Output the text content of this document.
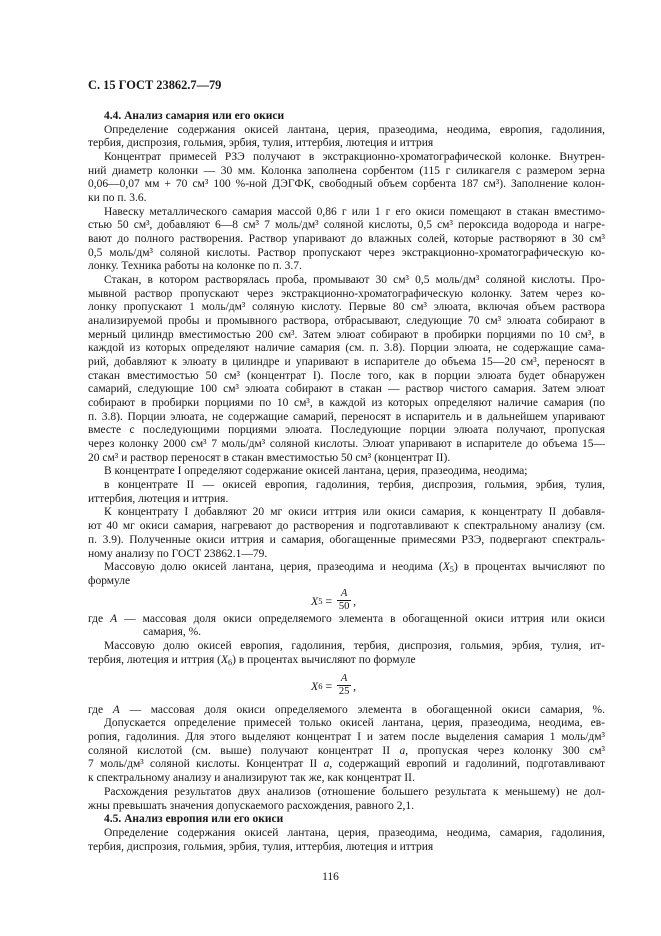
С. 15 ГОСТ 23862.7—79
4.4. Анализ самария или его окиси
Определение содержания окисей лантана, церия, празеодима, неодима, европия, гадолиния,
тербия, диспрозия, гольмия, эрбия, тулия, иттербия, лютеция и иттрия
Концентрат примесей РЗЭ получают в экстракционно-хроматографической колонке. Внутрен-
ний диаметр колонки — 30 мм. Колонка заполнена сорбентом (115 г силикагеля с размером зерна
0,06—0,07 мм + 70 см³ 100 %-ной ДЭГФК, свободный объем сорбента 187 см³). Заполнение колон-
ки по п. 3.6.
Навеску металлического самария массой 0,86 г или 1 г его окиси помещают в стакан вместимо-
стью 50 см³, добавляют 6—8 см³ 7 моль/дм³ соляной кислоты, 0,5 см³ пероксида водорода и нагре-
вают до полного растворения. Раствор упаривают до влажных солей, которые растворяют в 30 см³
0,5 моль/дм³ соляной кислоты. Раствор пропускают через экстракционно-хроматографическую ко-
лонку. Техника работы на колонке по п. 3.7.
Стакан, в котором растворялась проба, промывают 30 см³ 0,5 моль/дм³ соляной кислоты. Про-
мывной раствор пропускают через экстракционно-хроматографическую колонку. Затем через ко-
лонку пропускают 1 моль/дм³ соляную кислоту. Первые 80 см³ элюата, включая объем раствора
анализируемой пробы и промывного раствора, отбрасывают, следующие 70 см³ элюата собирают в
мерный цилиндр вместимостью 200 см³. Затем элюат собирают в пробирки порциями по 10 см³, в
каждой из которых определяют наличие самария (см. п. 3.8). Порции элюата, не содержащие сама-
рий, добавляют к элюату в цилиндре и упаривают в испарителе до объема 15—20 см³, переносят в
стакан вместимостью 50 см³ (концентрат I). После того, как в порции элюата будет обнаружен
самарий, следующие 100 см³ элюата собирают в стакан — раствор чистого самария. Затем элюат
собирают в пробирки порциями по 10 см³, в каждой из которых определяют наличие самария (по
п. 3.8). Порции элюата, не содержащие самарий, переносят в испаритель и в дальнейшем упаривают
вместе с последующими порциями элюата. Последующие порции элюата получают, пропуская
через колонку 2000 см³ 7 моль/дм³ соляной кислоты. Элюат упаривают в испарителе до объема 15—
20 см³ и раствор переносят в стакан вместимостью 50 см³ (концентрат II).
В концентрате I определяют содержание окисей лантана, церия, празеодима, неодима;
в концентрате II — окисей европия, гадолиния, тербия, диспрозия, гольмия, эрбия, тулия,
иттербия, лютеция и иттрия.
К концентрату I добавляют 20 мг окиси иттрия или окиси самария, к концентрату II добавля-
ют 40 мг окиси самария, нагревают до растворения и подготавливают к спектральному анализу (см.
п. 3.9). Полученные окиси иттрия и самария, обогащенные примесями РЗЭ, подвергают спектраль-
ному анализу по ГОСТ 23862.1—79.
Массовую долю окисей лантана, церия, празеодима и неодима $(X_5)$ в процентах вычисляют по
формуле
X $5 = \frac{A}{50}$ ,
где A — массовая доля окиси определяемого элемента в обогащенной окиси иттрия или окиси
самария, %.
Массовую долю окисей европия, гадолиния, тербия, диспрозия, гольмия, эрбия, тулия, ит-
тербия, лютеция и иттрия $(X_6)$ в процентах вычисляют по формуле
X $6 = \frac{A}{25}$ ,
где A — массовая доля окиси определяемого элемента в обогащенной окиси самария, %.
Допускается определение примесей только окисей лантана, церия, празеодима, неодима, ев-
ропия, гадолиния. Для этого выделяют концентрат I и затем после выделения самария 1 моль/дм³
соляной кислотой (см. выше) получают концентрат II a, пропуская через колонку 300 см³
7 моль/дм³ соляной кислоты. Концентрат II a, содержащий европий и гадолиний, подготавливают
к спектральному анализу и анализируют так же, как концентрат II.
Расхождения результатов двух анализов (отношение большего результата к меньшему) не дол-
жны превышать значения допускаемого расхождения, равного 2,1.
4.5. Анализ европия или его окиси
Определение содержания окисей лантана, церия, празеодима, неодима, самария, гадолиния,
тербия, диспрозия, гольмия, эрбия, тулия, иттербия, лютеция и иттрия
116
